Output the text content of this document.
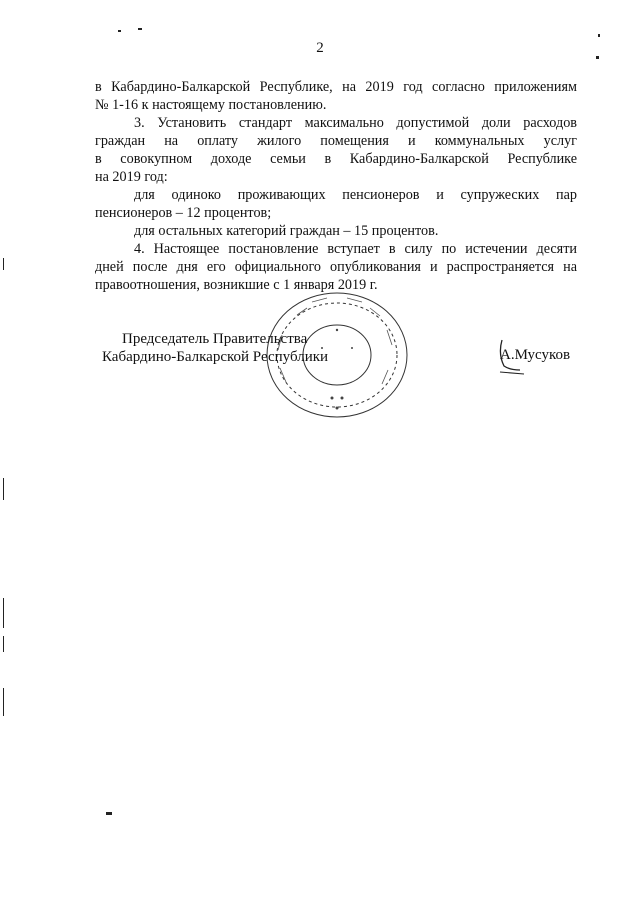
2
в Кабардино-Балкарской Республике, на 2019 год согласно приложениям
№ 1-16 к настоящему постановлению.
3. Установить стандарт максимально допустимой доли расходов
граждан на оплату жилого помещения и коммунальных услуг
в совокупном доходе семьи в Кабардино-Балкарской Республике
на 2019 год:
для одиноко проживающих пенсионеров и супружеских пар
пенсионеров – 12 процентов;
для остальных категорий граждан – 15 процентов.
4. Настоящее постановление вступает в силу по истечении десяти
дней после дня его официального опубликования и распространяется на
правоотношения, возникшие с 1 января 2019 г.
Председатель Правительства
Кабардино-Балкарской Республики	А.Мусуков
